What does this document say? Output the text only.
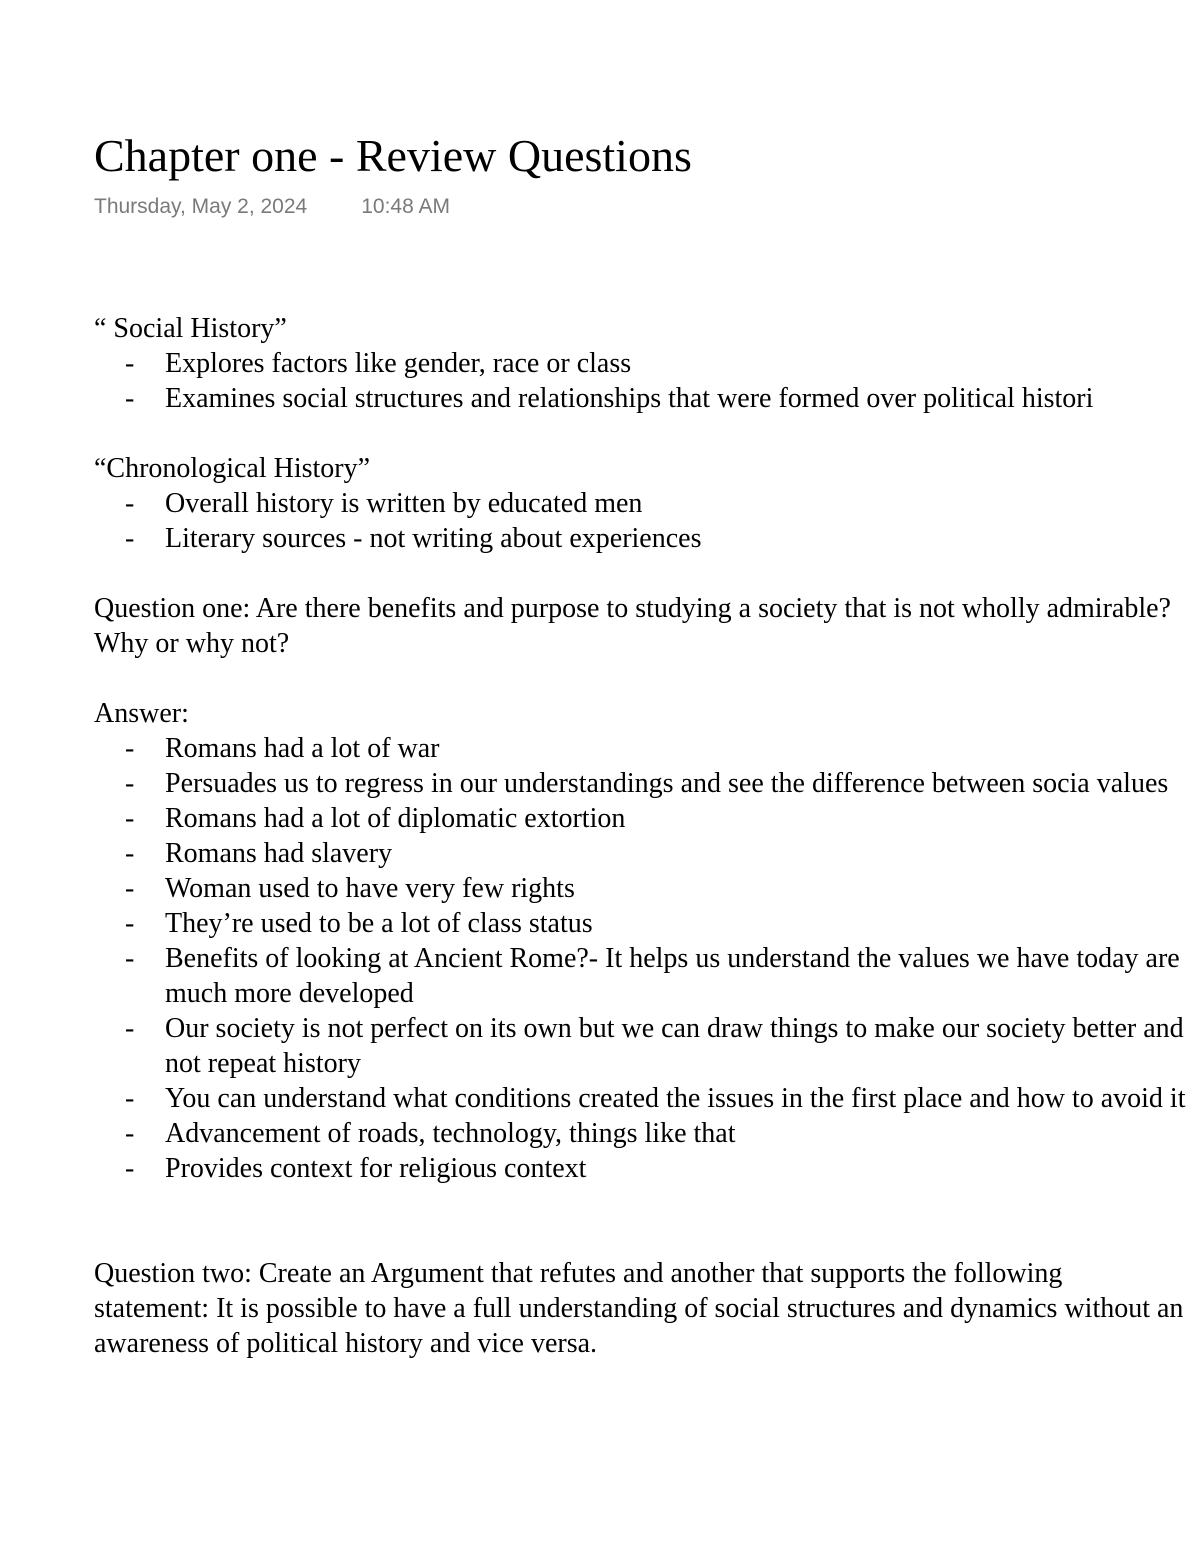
Chapter one - Review Questions
Thursday, May 2, 2024	10:48 AM
“ Social History”
- Explores factors like gender, race or class
- Examines social structures and relationships that were formed over political histori
“Chronological History”
- Overall history is written by educated men
- Literary sources - not writing about experiences
Question one: Are there benefits and purpose to studying a society that is not wholly admirable? Why or why not?
Answer:
- Romans had a lot of war
- Persuades us to regress in our understandings and see the difference between socia values
- Romans had a lot of diplomatic extortion
- Romans had slavery
- Woman used to have very few rights
- They’re used to be a lot of class status
- Benefits of looking at Ancient Rome?- It helps us understand the values we have today are much more developed
- Our society is not perfect on its own but we can draw things to make our society better and not repeat history
- You can understand what conditions created the issues in the first place and how to avoid it
- Advancement of roads, technology, things like that
- Provides context for religious context
Question two: Create an Argument that refutes and another that supports the following statement: It is possible to have a full understanding of social structures and dynamics without an awareness of political history and vice versa.
